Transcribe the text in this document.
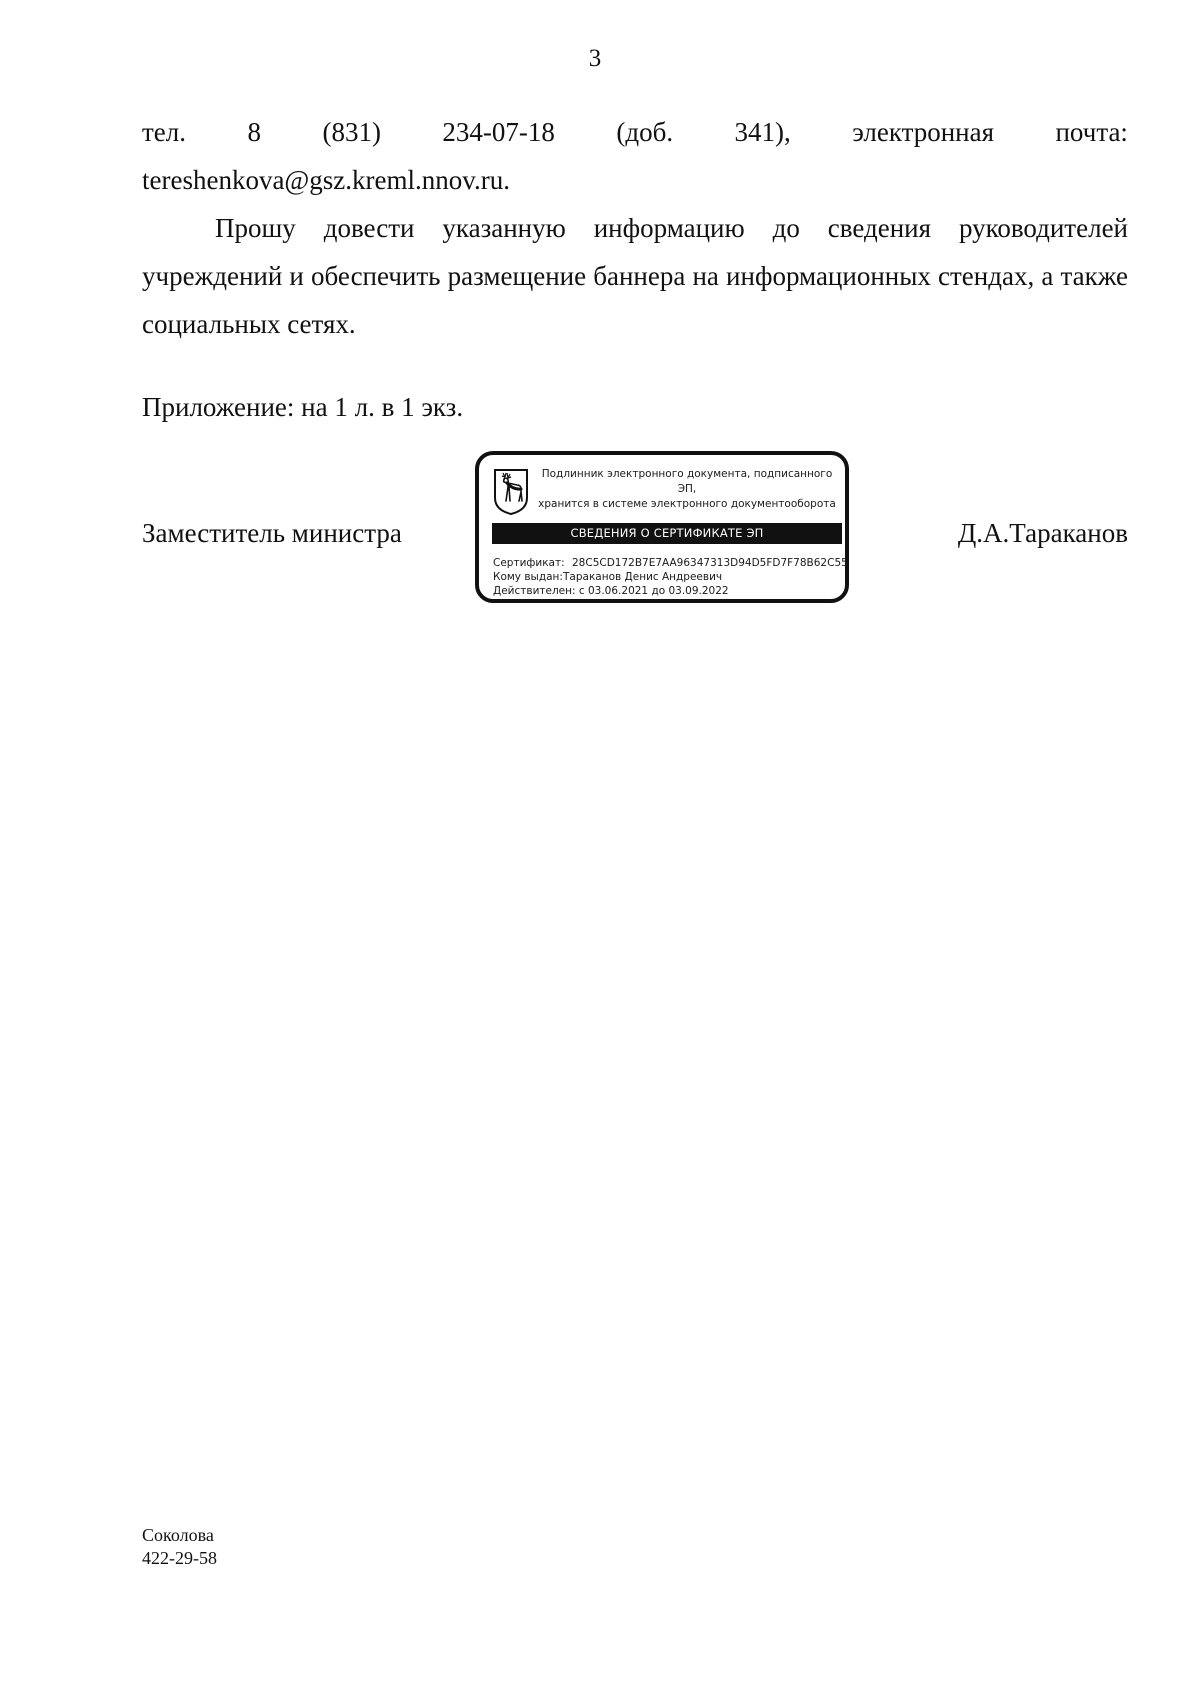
3
тел. 8 (831) 234-07-18 (доб. 341), электронная почта:
tereshenkova@gsz.kreml.nnov.ru.
Прошу довести указанную информацию до сведения руководителей учреждений и обеспечить размещение баннера на информационных стендах, а также социальных сетях.
Приложение: на 1 л. в 1 экз.
Заместитель министра	Д.А.Тараканов
Подлинник электронного документа, подписанного ЭП,
хранится в системе электронного документооборота
СВЕДЕНИЯ О СЕРТИФИКАТЕ ЭП
Сертификат: 28C5CD172B7E7AA96347313D94D5FD7F78B62C55
Кому выдан:Тараканов Денис Андреевич
Действителен: с 03.06.2021 до 03.09.2022
Соколова
422-29-58
